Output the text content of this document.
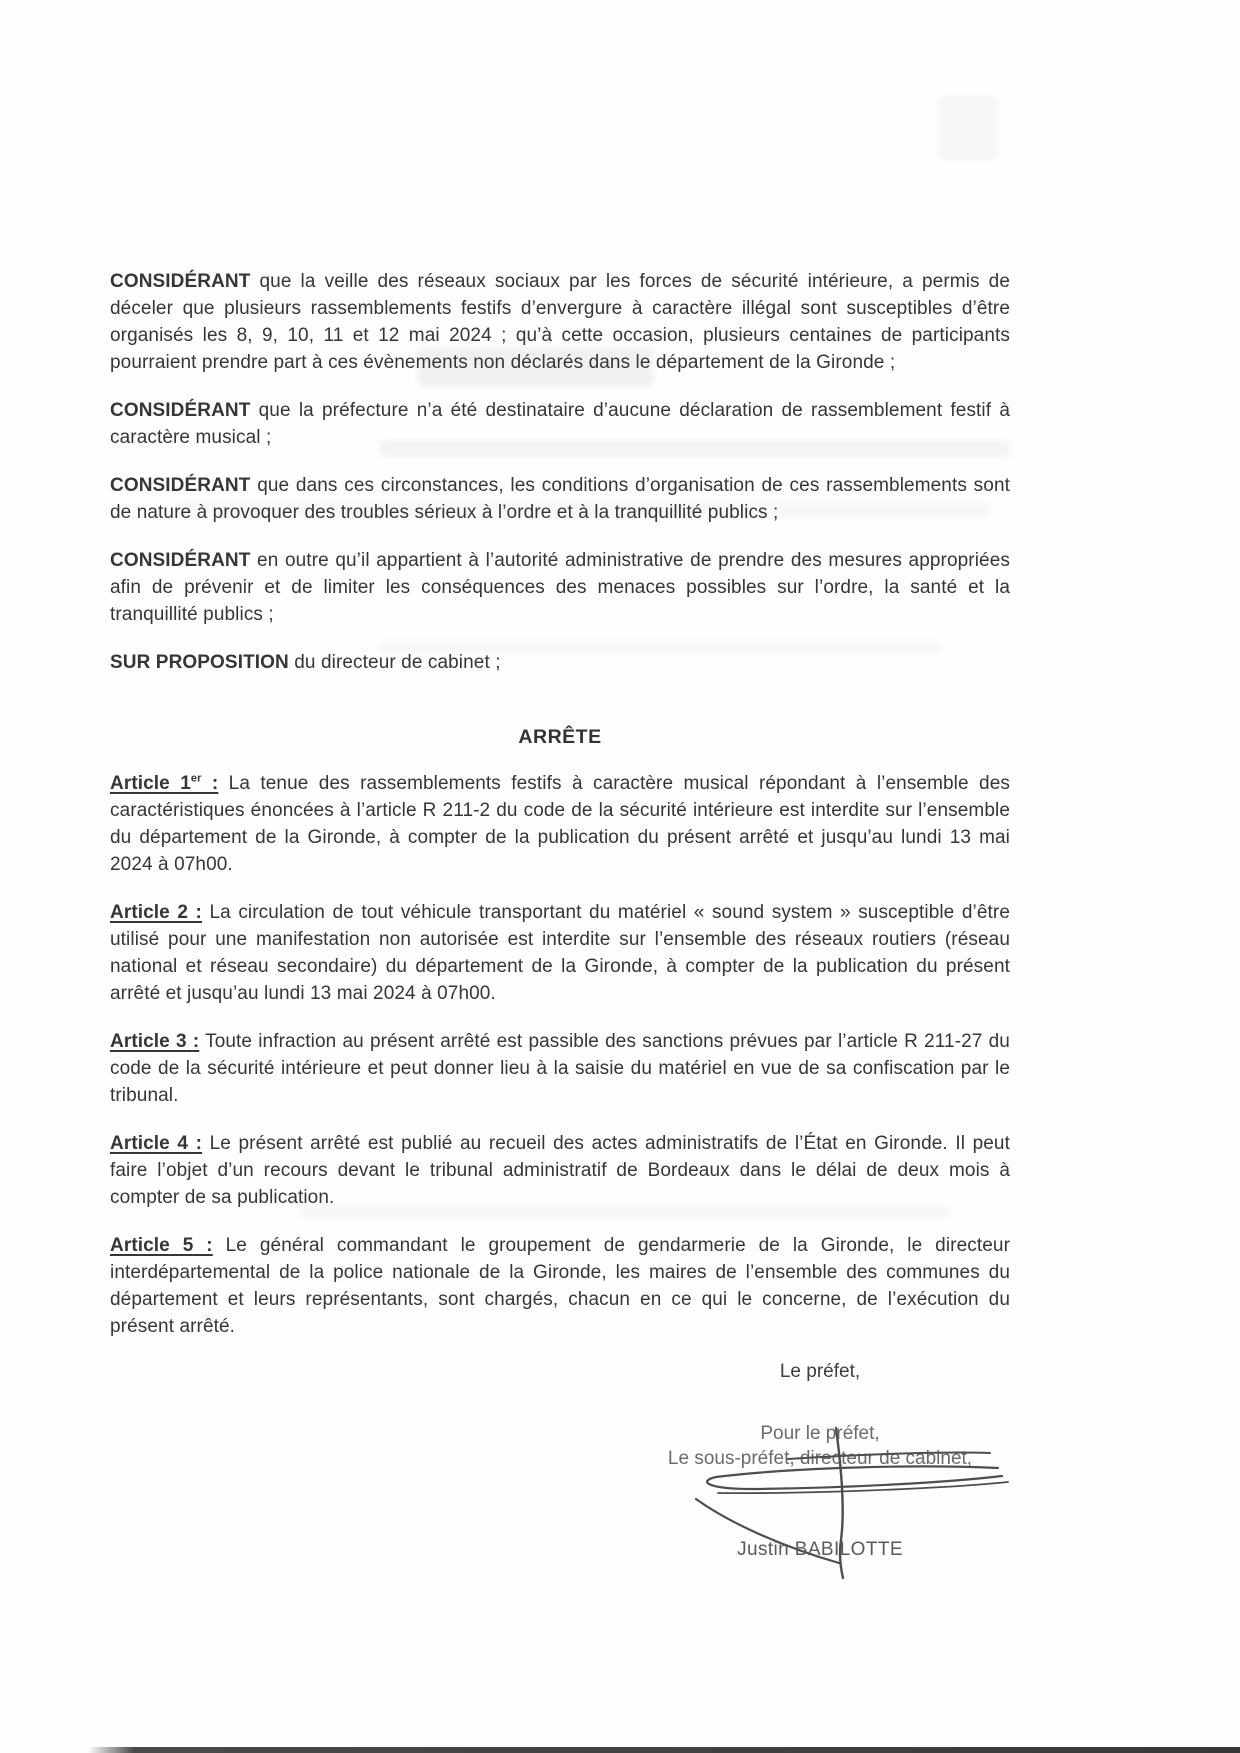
CONSIDÉRANT que la veille des réseaux sociaux par les forces de sécurité intérieure, a permis de déceler que plusieurs rassemblements festifs d’envergure à caractère illégal sont susceptibles d’être organisés les 8, 9, 10, 11 et 12 mai 2024 ; qu’à cette occasion, plusieurs centaines de participants pourraient prendre part à ces évènements non déclarés dans le département de la Gironde ;

CONSIDÉRANT que la préfecture n’a été destinataire d’aucune déclaration de rassemblement festif à caractère musical ;

CONSIDÉRANT que dans ces circonstances, les conditions d’organisation de ces rassemblements sont de nature à provoquer des troubles sérieux à l’ordre et à la tranquillité publics ;

CONSIDÉRANT en outre qu’il appartient à l’autorité administrative de prendre des mesures appropriées afin de prévenir et de limiter les conséquences des menaces possibles sur l’ordre, la santé et la tranquillité publics ;

SUR PROPOSITION du directeur de cabinet ;

ARRÊTE

Article 1er : La tenue des rassemblements festifs à caractère musical répondant à l’ensemble des caractéristiques énoncées à l’article R 211-2 du code de la sécurité intérieure est interdite sur l’ensemble du département de la Gironde, à compter de la publication du présent arrêté et jusqu’au lundi 13 mai 2024 à 07h00.

Article 2 : La circulation de tout véhicule transportant du matériel « sound system » susceptible d’être utilisé pour une manifestation non autorisée est interdite sur l’ensemble des réseaux routiers (réseau national et réseau secondaire) du département de la Gironde, à compter de la publication du présent arrêté et jusqu’au lundi 13 mai 2024 à 07h00.

Article 3 : Toute infraction au présent arrêté est passible des sanctions prévues par l’article R 211-27 du code de la sécurité intérieure et peut donner lieu à la saisie du matériel en vue de sa confiscation par le tribunal.

Article 4 : Le présent arrêté est publié au recueil des actes administratifs de l’État en Gironde. Il peut faire l’objet d’un recours devant le tribunal administratif de Bordeaux dans le délai de deux mois à compter de sa publication.

Article 5 : Le général commandant le groupement de gendarmerie de la Gironde, le directeur interdépartemental de la police nationale de la Gironde, les maires de l’ensemble des communes du département et leurs représentants, sont chargés, chacun en ce qui le concerne, de l’exécution du présent arrêté.

Le préfet,
Pour le préfet,
Le sous-préfet, directeur de cabinet,
Justin BABILOTTE
